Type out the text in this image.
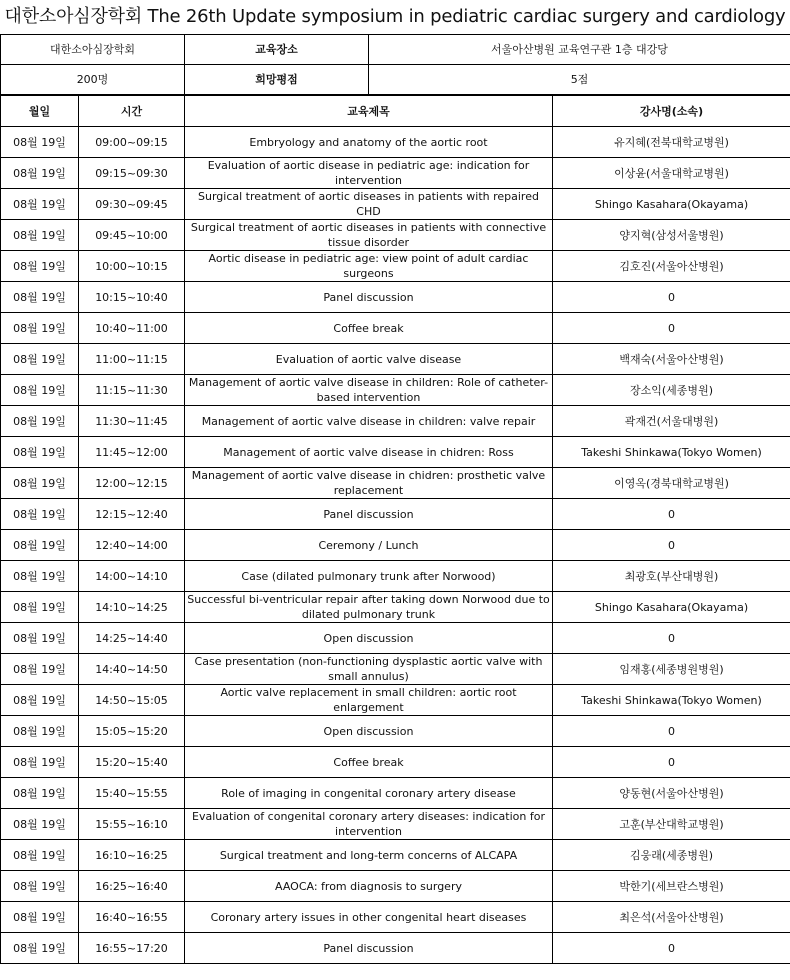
대한소아심장학회 The 26th Update symposium in pediatric cardiac surgery and cardiology
대한소아심장학회	교육장소	서울아산병원 교육연구관 1층 대강당
200명	희망평점	5점
월일	시간	교육제목	강사명(소속)
08월 19일	09:00~09:15	Embryology and anatomy of the aortic root	유지혜(전북대학교병원)
08월 19일	09:15~09:30	Evaluation of aortic disease in pediatric age: indication for intervention	이상윤(서울대학교병원)
08월 19일	09:30~09:45	Surgical treatment of aortic diseases in patients with repaired CHD	Shingo Kasahara(Okayama)
08월 19일	09:45~10:00	Surgical treatment of aortic diseases in patients with connective tissue disorder	양지혁(삼성서울병원)
08월 19일	10:00~10:15	Aortic disease in pediatric age: view point of adult cardiac surgeons	김호진(서울아산병원)
08월 19일	10:15~10:40	Panel discussion	0
08월 19일	10:40~11:00	Coffee break	0
08월 19일	11:00~11:15	Evaluation of aortic valve disease	백재숙(서울아산병원)
08월 19일	11:15~11:30	Management of aortic valve disease in children: Role of catheter-based intervention	장소익(세종병원)
08월 19일	11:30~11:45	Management of aortic valve disease in children: valve repair	곽재건(서울대병원)
08월 19일	11:45~12:00	Management of aortic valve disease in chidren: Ross	Takeshi Shinkawa(Tokyo Women)
08월 19일	12:00~12:15	Management of aortic valve disease in chidren: prosthetic valve replacement	이영옥(경북대학교병원)
08월 19일	12:15~12:40	Panel discussion	0
08월 19일	12:40~14:00	Ceremony / Lunch	0
08월 19일	14:00~14:10	Case (dilated pulmonary trunk after Norwood)	최광호(부산대병원)
08월 19일	14:10~14:25	Successful bi-ventricular repair after taking down Norwood due to dilated pulmonary trunk	Shingo Kasahara(Okayama)
08월 19일	14:25~14:40	Open discussion	0
08월 19일	14:40~14:50	Case presentation (non-functioning dysplastic aortic valve with small annulus)	임재홍(세종병원병원)
08월 19일	14:50~15:05	Aortic valve replacement in small children: aortic root enlargement	Takeshi Shinkawa(Tokyo Women)
08월 19일	15:05~15:20	Open discussion	0
08월 19일	15:20~15:40	Coffee break	0
08월 19일	15:40~15:55	Role of imaging in congenital coronary artery disease	양동현(서울아산병원)
08월 19일	15:55~16:10	Evaluation of congenital coronary artery diseases: indication for intervention	고훈(부산대학교병원)
08월 19일	16:10~16:25	Surgical treatment and long-term concerns of ALCAPA	김웅래(세종병원)
08월 19일	16:25~16:40	AAOCA: from diagnosis to surgery	박한기(세브란스병원)
08월 19일	16:40~16:55	Coronary artery issues in other congenital heart diseases	최은석(서울아산병원)
08월 19일	16:55~17:20	Panel discussion	0
